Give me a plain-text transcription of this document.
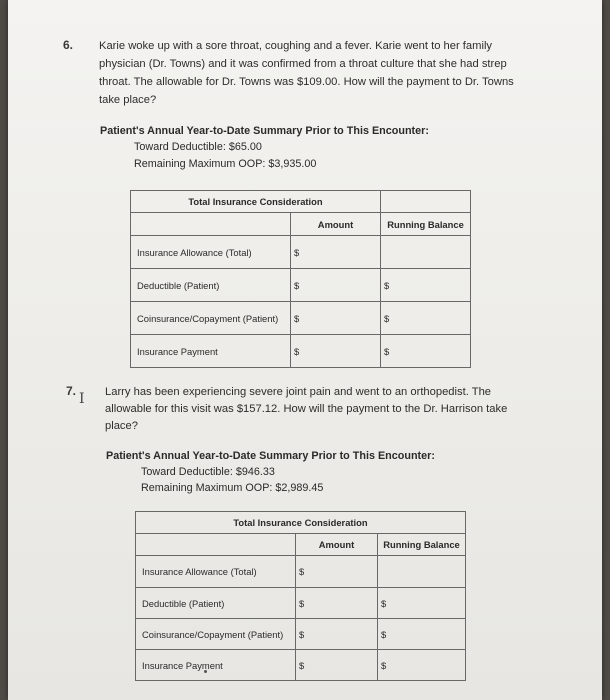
6. Karie woke up with a sore throat, coughing and a fever. Karie went to her family
physician (Dr. Towns) and it was confirmed from a throat culture that she had strep
throat. The allowable for Dr. Towns was $109.00. How will the payment to Dr. Towns
take place?
Patient's Annual Year-to-Date Summary Prior to This Encounter:
Toward Deductible: $65.00
Remaining Maximum OOP: $3,935.00
Total Insurance Consideration		
	Amount	Running Balance
Insurance Allowance (Total)	$	
Deductible (Patient)	$	$
Coinsurance/Copayment (Patient)	$	$
Insurance Payment	$	$
7. I Larry has been experiencing severe joint pain and went to an orthopedist. The
allowable for this visit was $157.12. How will the payment to the Dr. Harrison take
place?
Patient's Annual Year-to-Date Summary Prior to This Encounter:
Toward Deductible: $946.33
Remaining Maximum OOP: $2,989.45
Total Insurance Consideration		
	Amount	Running Balance
Insurance Allowance (Total)	$	
Deductible (Patient)	$	$
Coinsurance/Copayment (Patient)	$	$
Insurance Payment	$	$
